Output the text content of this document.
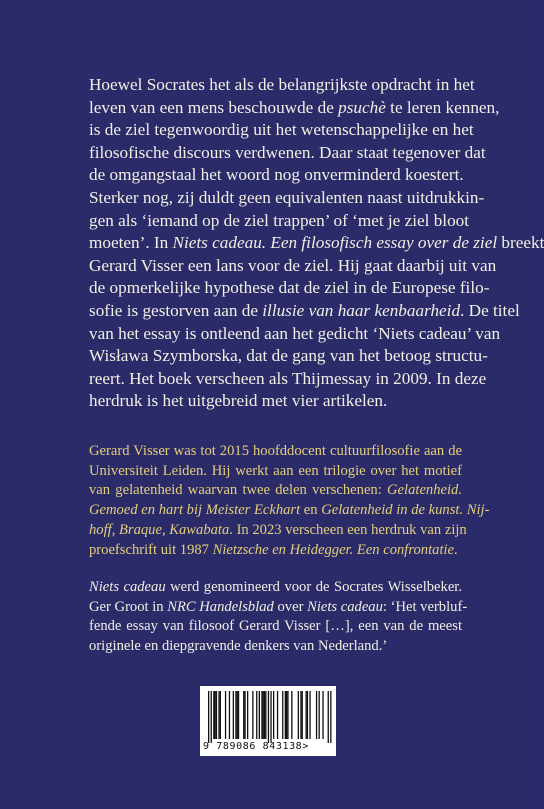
Hoewel Socrates het als de belangrijkste opdracht in het
leven van een mens beschouwde de psuchè te leren kennen,
is de ziel tegenwoordig uit het wetenschappelijke en het
filosofische discours verdwenen. Daar staat tegenover dat
de omgangstaal het woord nog onverminderd koestert.
Sterker nog, zij duldt geen equivalenten naast uitdrukkin-
gen als ‘iemand op de ziel trappen’ of ‘met je ziel bloot
moeten’. In Niets cadeau. Een filosofisch essay over de ziel breekt
Gerard Visser een lans voor de ziel. Hij gaat daarbij uit van
de opmerkelijke hypothese dat de ziel in de Europese filo-
sofie is gestorven aan de illusie van haar kenbaarheid. De titel
van het essay is ontleend aan het gedicht ‘Niets cadeau’ van
Wisława Szymborska, dat de gang van het betoog structu-
reert. Het boek verscheen als Thijmessay in 2009. In deze
herdruk is het uitgebreid met vier artikelen.
Gerard Visser was tot 2015 hoofddocent cultuurfilosofie aan de
Universiteit Leiden. Hij werkt aan een trilogie over het motief
van gelatenheid waarvan twee delen verschenen: Gelatenheid.
Gemoed en hart bij Meister Eckhart en Gelatenheid in de kunst. Nij-
hoff, Braque, Kawabata. In 2023 verscheen een herdruk van zijn
proefschrift uit 1987 Nietzsche en Heidegger. Een confrontatie.
Niets cadeau werd genomineerd voor de Socrates Wisselbeker.
Ger Groot in NRC Handelsblad over Niets cadeau: ‘Het verbluf-
fende essay van filosoof Gerard Visser […], een van de meest
originele en diepgravende denkers van Nederland.’
9 789086 843138>
